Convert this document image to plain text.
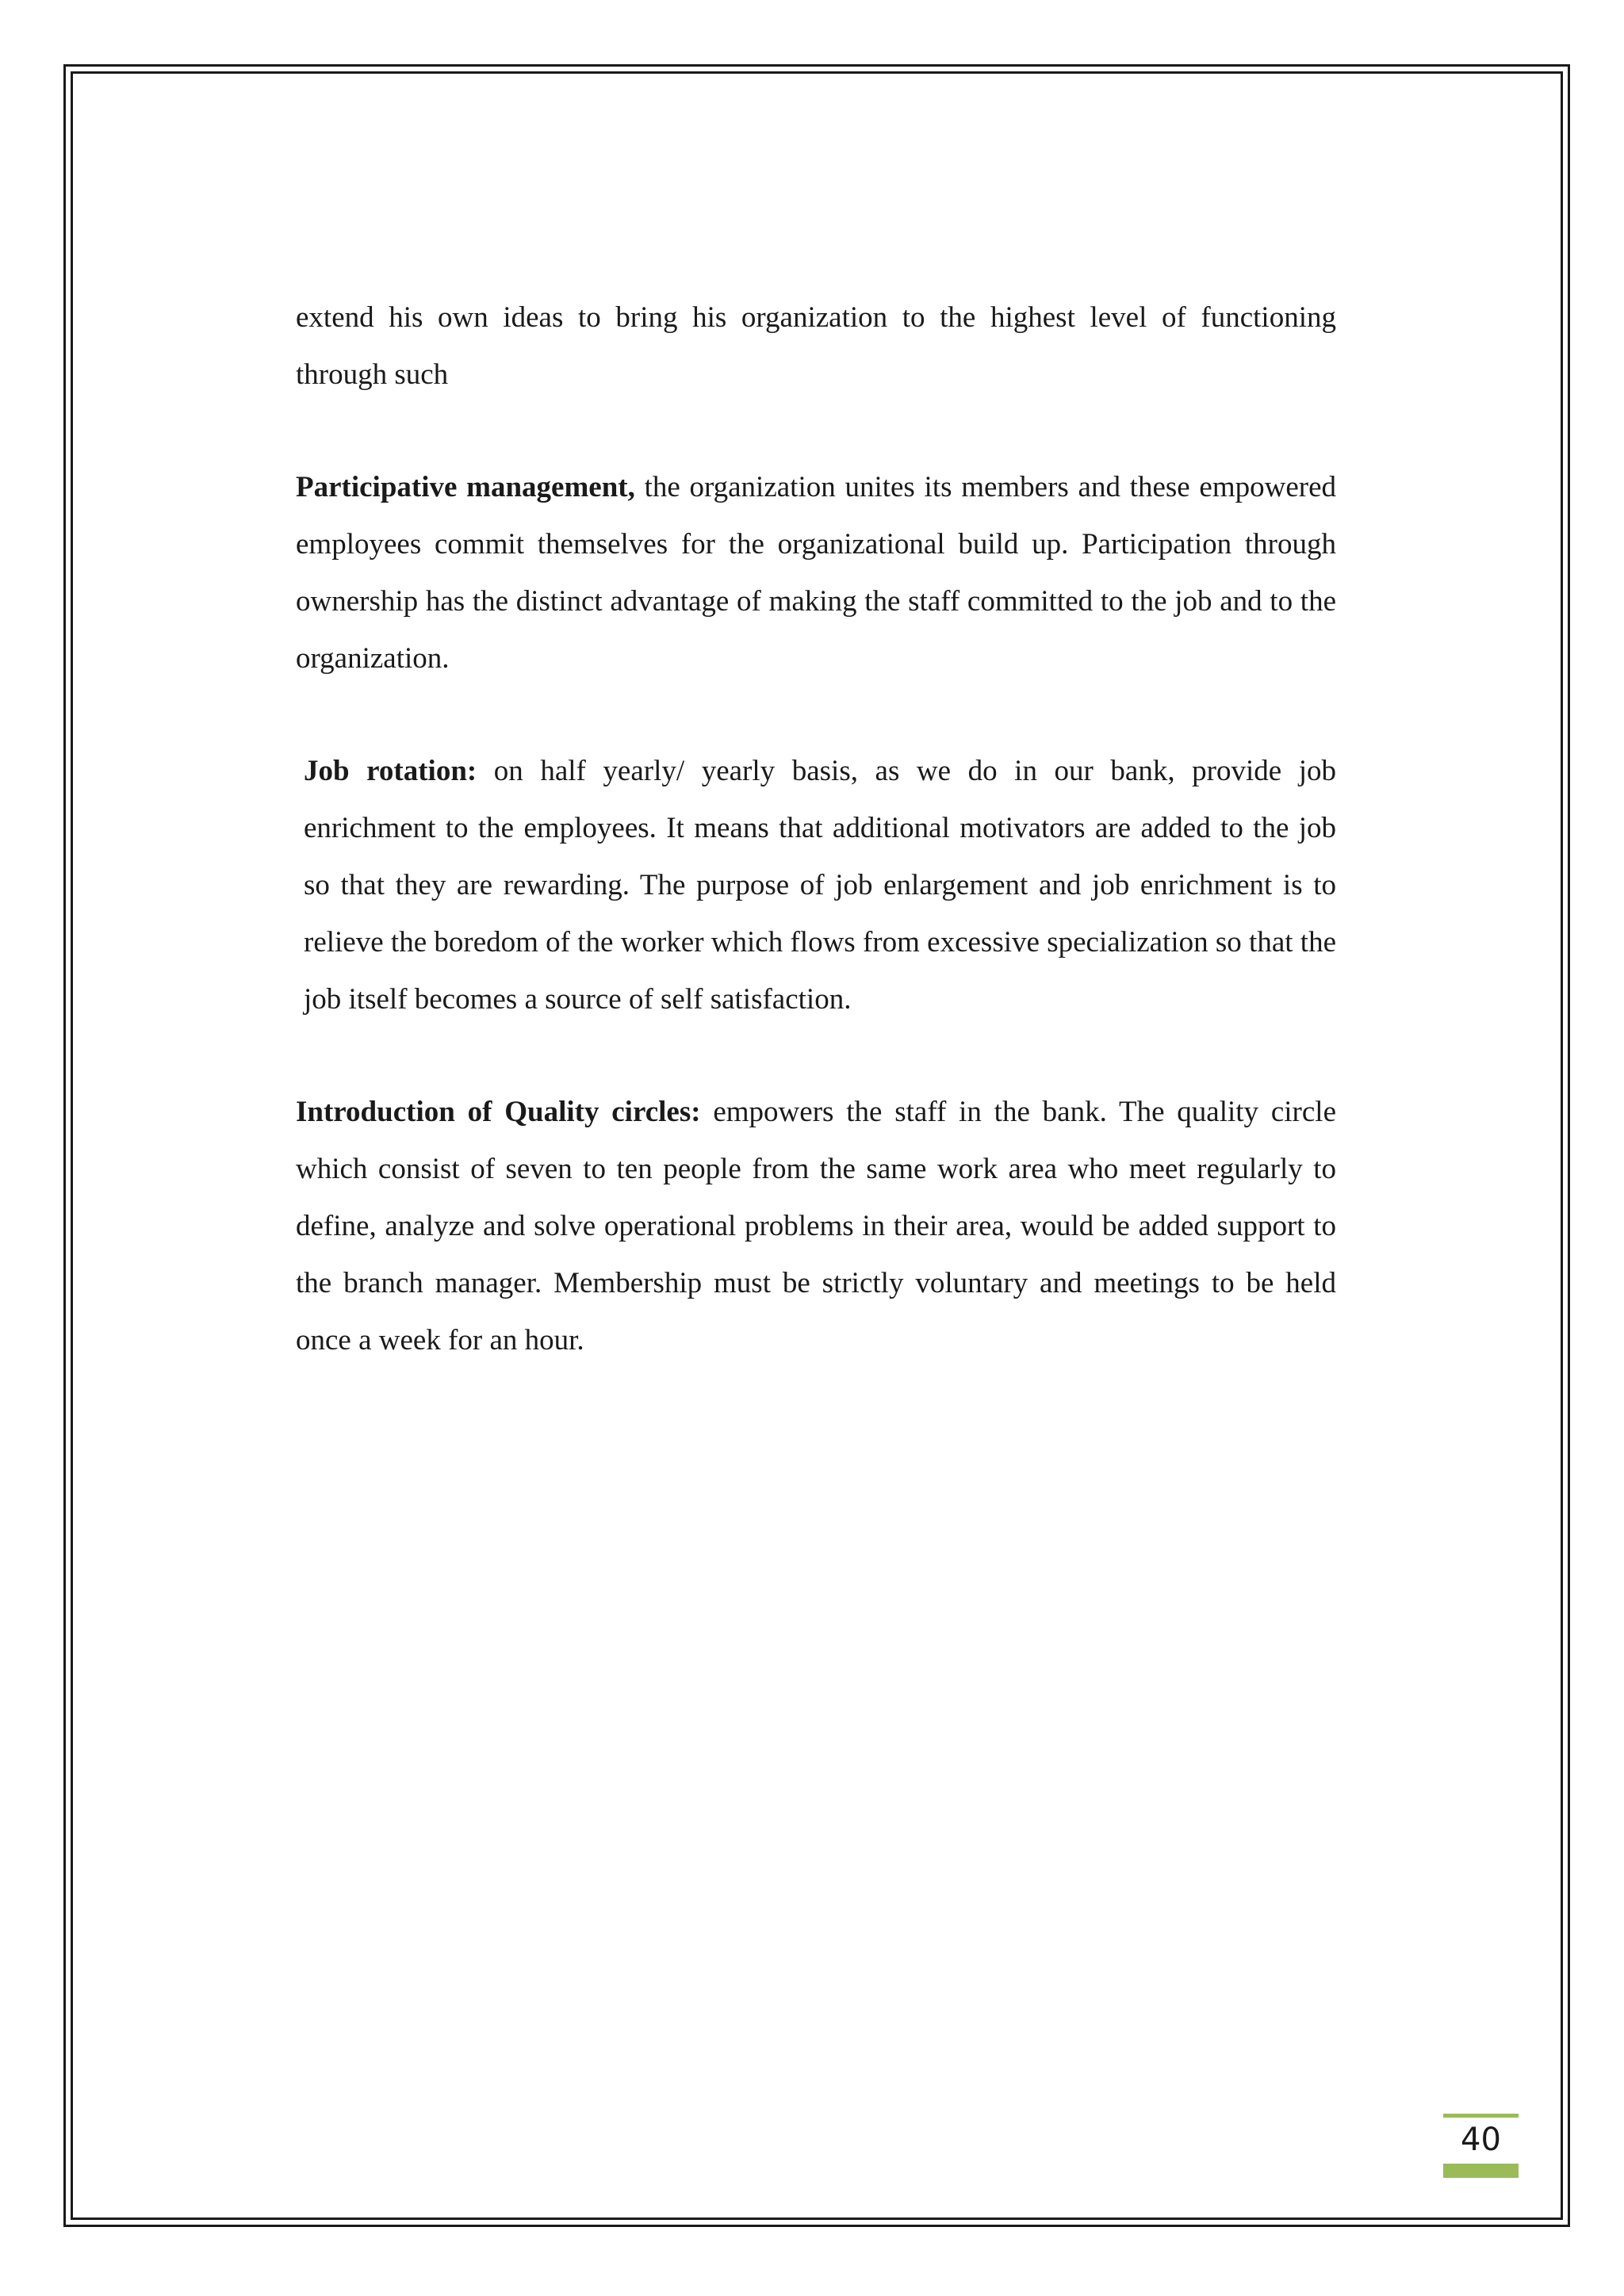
extend his own ideas to bring his organization to the highest level of functioning through such

Participative management, the organization unites its members and these empowered employees commit themselves for the organizational build up. Participation through ownership has the distinct advantage of making the staff committed to the job and to the organization.

Job rotation: on half yearly/ yearly basis, as we do in our bank, provide job enrichment to the employees. It means that additional motivators are added to the job so that they are rewarding. The purpose of job enlargement and job enrichment is to relieve the boredom of the worker which flows from excessive specialization so that the job itself becomes a source of self satisfaction.

Introduction of Quality circles: empowers the staff in the bank. The quality circle which consist of seven to ten people from the same work area who meet regularly to define, analyze and solve operational problems in their area, would be added support to the branch manager. Membership must be strictly voluntary and meetings to be held once a week for an hour.

40
